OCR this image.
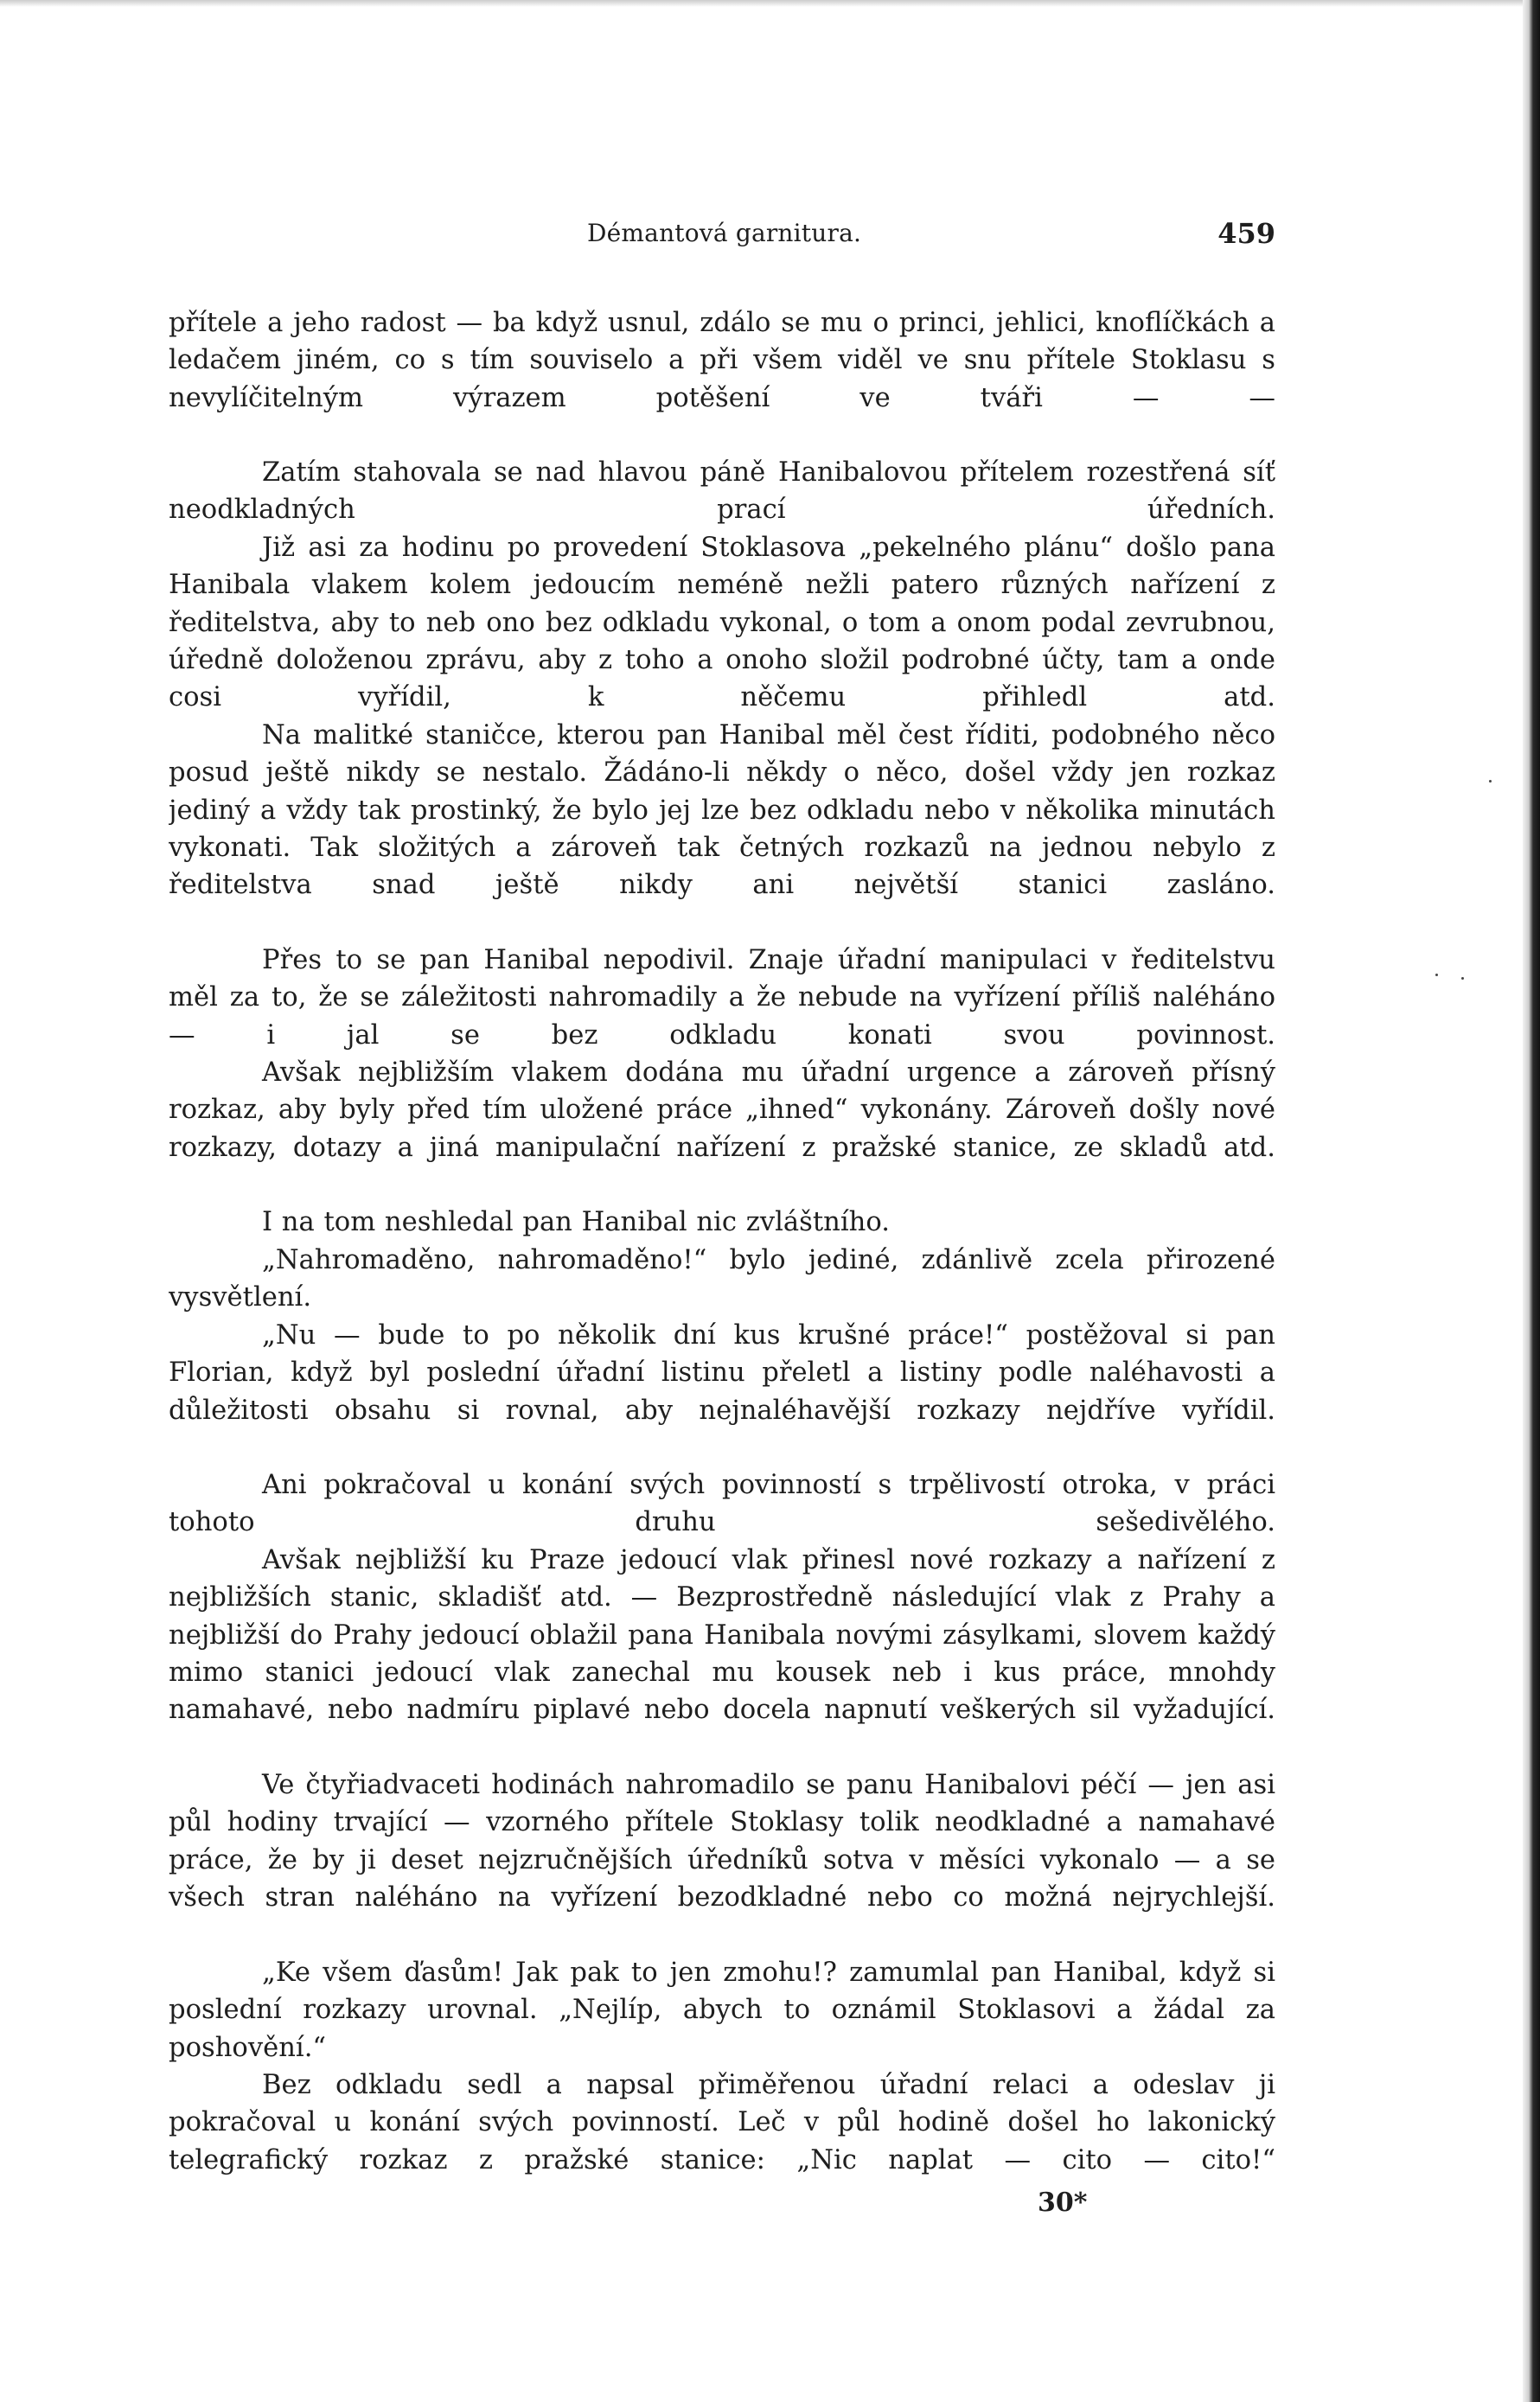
Démantová garnitura.	459

přítele a jeho radost — ba když usnul, zdálo se mu o princi, jehlici, knoflíčkách a ledačem jiném, co s tím souviselo a při všem viděl ve snu přítele Stoklasu s nevylíčitelným výrazem potěšení ve tváři — —

Zatím stahovala se nad hlavou páně Hanibalovou přítelem rozestřená síť neodkladných prací úředních.

Již asi za hodinu po provedení Stoklasova „pekelného plánu“ došlo pana Hanibala vlakem kolem jedoucím neméně nežli patero různých nařízení z ředitelstva, aby to neb ono bez odkladu vykonal, o tom a onom podal zevrubnou, úředně doloženou zprávu, aby z toho a onoho složil podrobné účty, tam a onde cosi vyřídil, k něčemu přihledl atd.

Na malitké staničce, kterou pan Hanibal měl čest říditi, podobného něco posud ještě nikdy se nestalo. Žádáno-li někdy o něco, došel vždy jen rozkaz jediný a vždy tak prostinký, že bylo jej lze bez odkladu nebo v několika minutách vykonati. Tak složitých a zároveň tak četných rozkazů na jednou nebylo z ředitelstva snad ještě nikdy ani největší stanici zasláno.

Přes to se pan Hanibal nepodivil. Znaje úřadní manipulaci v ředitelstvu měl za to, že se záležitosti nahromadily a že nebude na vyřízení příliš naléháno — i jal se bez odkladu konati svou povinnost.

Avšak nejbližším vlakem dodána mu úřadní urgence a zároveň přísný rozkaz, aby byly před tím uložené práce „ihned“ vykonány. Zároveň došly nové rozkazy, dotazy a jiná manipulační nařízení z pražské stanice, ze skladů atd.

I na tom neshledal pan Hanibal nic zvláštního.

„Nahromaděno, nahromaděno!“ bylo jediné, zdánlivě zcela přirozené vysvětlení.

„Nu — bude to po několik dní kus krušné práce!“ postěžoval si pan Florian, když byl poslední úřadní listinu přeletl a listiny podle naléhavosti a důležitosti obsahu si rovnal, aby nejnaléhavější rozkazy nejdříve vyřídil.

Ani pokračoval u konání svých povinností s trpělivostí otroka, v práci tohoto druhu sešedivělého.

Avšak nejbližší ku Praze jedoucí vlak přinesl nové rozkazy a nařízení z nejbližších stanic, skladišť atd. — Bezprostředně následující vlak z Prahy a nejbližší do Prahy jedoucí oblažil pana Hanibala novými zásylkami, slovem každý mimo stanici jedoucí vlak zanechal mu kousek neb i kus práce, mnohdy namahavé, nebo nadmíru piplavé nebo docela napnutí veškerých sil vyžadující.

Ve čtyřiadvaceti hodinách nahromadilo se panu Hanibalovi péčí — jen asi půl hodiny trvající — vzorného přítele Stoklasy tolik neodkladné a namahavé práce, že by ji deset nejzručnějších úředníků sotva v měsíci vykonalo — a se všech stran naléháno na vyřízení bezodkladné nebo co možná nejrychlejší.

„Ke všem ďasům! Jak pak to jen zmohu!? zamumlal pan Hanibal, když si poslední rozkazy urovnal. „Nejlíp, abych to oznámil Stoklasovi a žádal za poshovění.“

Bez odkladu sedl a napsal přiměřenou úřadní relaci a odeslav ji pokračoval u konání svých povinností. Leč v půl hodině došel ho lakonický telegrafický rozkaz z pražské stanice: „Nic naplat — cito — cito!“

30*
